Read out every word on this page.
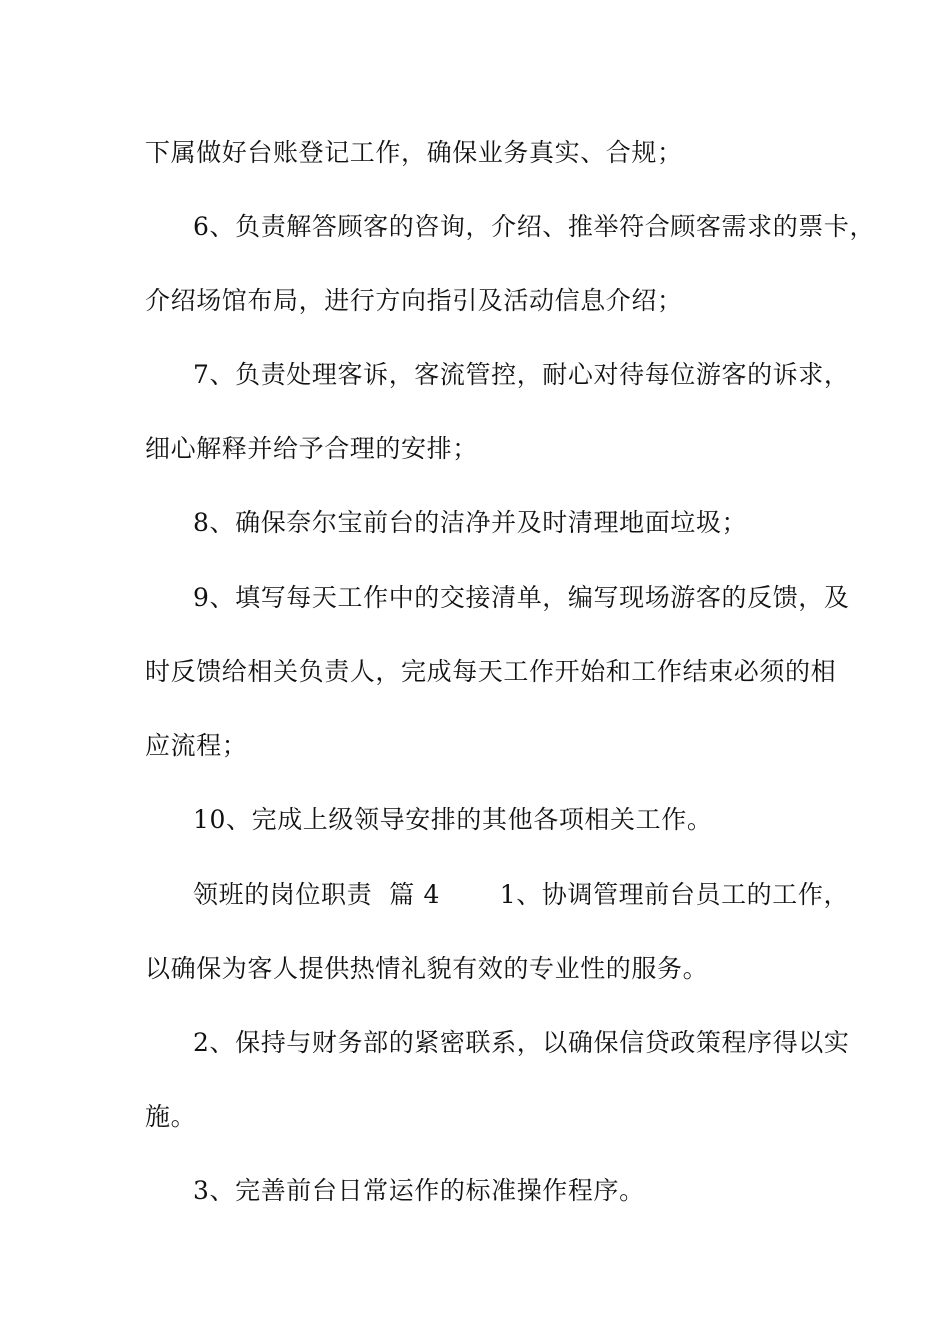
下属做好台账登记工作，确保业务真实、合规；
6、负责解答顾客的咨询，介绍、推举符合顾客需求的票卡，
介绍场馆布局，进行方向指引及活动信息介绍；
7、负责处理客诉，客流管控，耐心对待每位游客的诉求，
细心解释并给予合理的安排；
8、确保奈尔宝前台的洁净并及时清理地面垃圾；
9、填写每天工作中的交接清单，编写现场游客的反馈，及
时反馈给相关负责人，完成每天工作开始和工作结束必须的相
应流程；
10、完成上级领导安排的其他各项相关工作。
领班的岗位职责  篇 4       1、协调管理前台员工的工作，
以确保为客人提供热情礼貌有效的专业性的服务。
2、保持与财务部的紧密联系，以确保信贷政策程序得以实
施。
3、完善前台日常运作的标准操作程序。
